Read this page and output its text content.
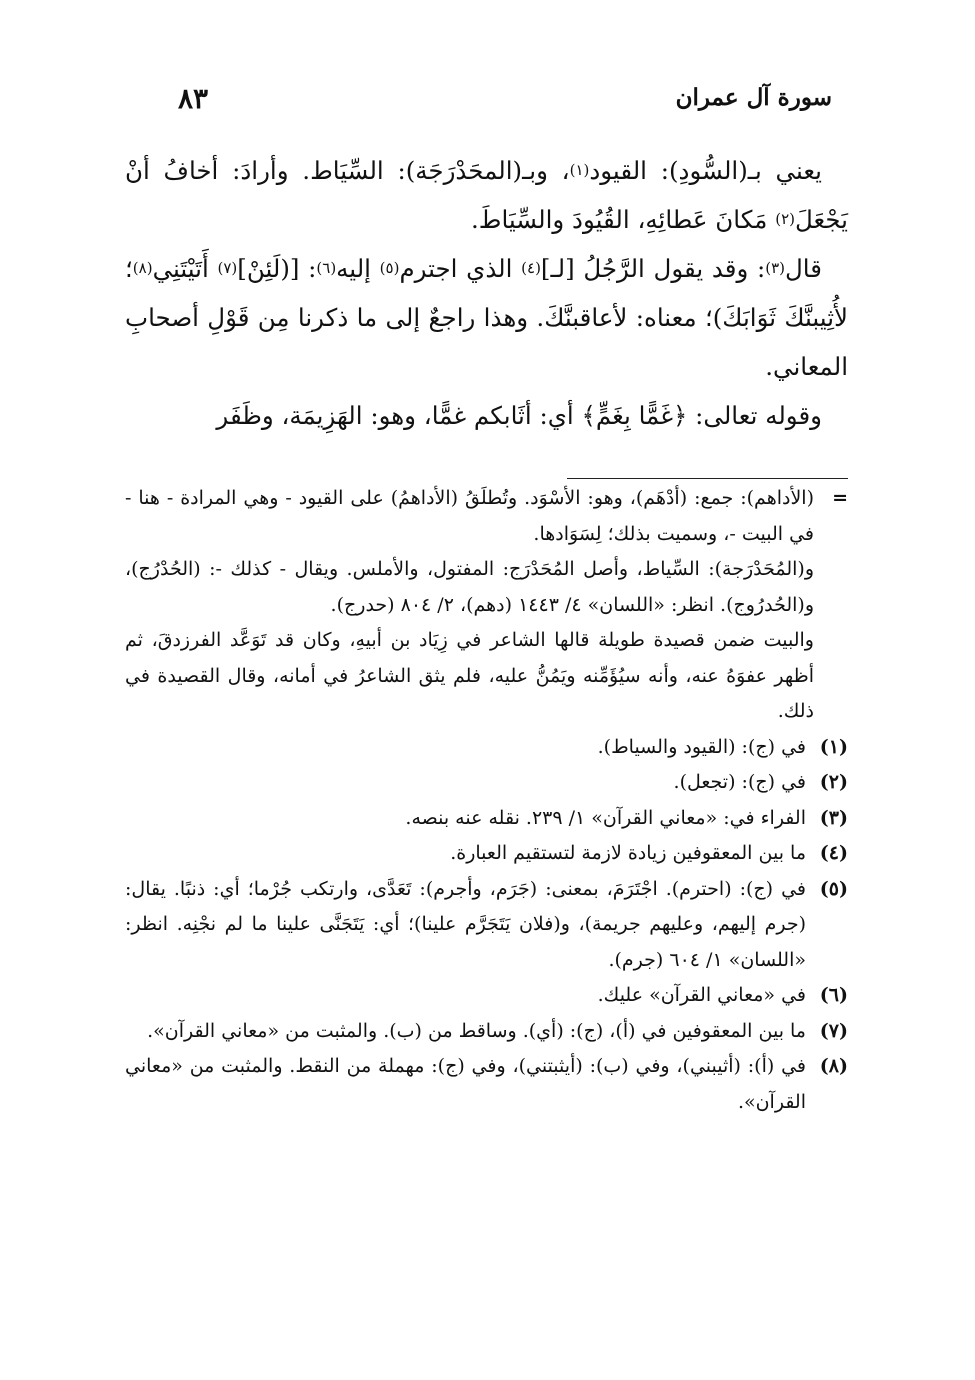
سورة آل عمران
٨٣

يعني بـ(السُّودِ): القيود$^{(١)}$، وبـ(المحَدْرَجَة): السِّيَاط. وأرادَ: أخافُ أنْ يَجْعَلَ$^{(٢)}$ مَكانَ عَطائِهِ، القُيُودَ والسِّيَاطَ.

قال$^{(٣)}$: وقد يقول الرَّجُلُ [لـ]$^{(٤)}$ الذي اجترم$^{(٥)}$ إليه$^{(٦)}$: [(لَئِنْ]$^{(٧)}$ أَتَيْتَنِي$^{(٨)}$؛ لأُثِيبنَّكَ ثَوَابَكَ)؛ معناه: لأعاقبنَّكَ. وهذا راجعٌ إلى ما ذكرنا مِن قَوْلِ أصحابِ المعاني.

وقوله تعالى: ﴿غَمًّا بِغَمٍّ﴾ أي: أثَابكم غمًّا، وهو: الهَزِيمَة، وظَفَر

=

(الأداهم): جمع: (أدْهَم)، وهو: الأسْوَد. وتُطلَقُ (الأداهمُ) على القيود - وهي المرادة - هنا - في البيت -، وسميت بذلك؛ لِسَوَادها.

و(المُحَدْرَجة): السِّياط، وأصل المُحَدْرَج: المفتول، والأملس. ويقال - كذلك -: (الحُدْرُج)، و(الحُدرُوج). انظر: «اللسان» ٤/ ١٤٤٣ (دهم)، ٢/ ٨٠٤ (حدرج).

والبيت ضمن قصيدة طويلة قالها الشاعر في زِيَاد بن أبيهِ، وكان قد تَوَعَّد الفرزدقَ، ثم أظهر عفوَهُ عنه، وأنه سيُؤَمِّنه ويَمُنُّ عليه، فلم يثق الشاعرُ في أمانه، وقال القصيدة في ذلك.

(١)
في (ج): (القيود والسياط).
(٢)
في (ج): (تجعل).
(٣)
الفراء في: «معاني القرآن» ١/ ٢٣٩. نقله عنه بنصه.
(٤)
ما بين المعقوفين زيادة لازمة لتستقيم العبارة.
(٥)
في (ج): (احترم). اجْتَرَمَ، بمعنى: (جَرَم، وأجرم): تَعَدَّى، وارتكب جُرْما؛ أي: ذنبًا. يقال: (جرم إليهم، وعليهم جريمة)، و(فلان يَتَجَرَّم علينا)؛ أي: يَتَجَنَّى علينا ما لم نجْنِه. انظر: «اللسان» ١/ ٦٠٤ (جرم).
(٦)
في «معاني القرآن» عليك.
(٧)
ما بين المعقوفين في (أ)، (ج): (أي). وساقط من (ب). والمثبت من «معاني القرآن».
(٨)
في (أ): (أثيبني)، وفي (ب): (أيثبتني)، وفي (ج): مهملة من النقط. والمثبت من «معاني القرآن».
